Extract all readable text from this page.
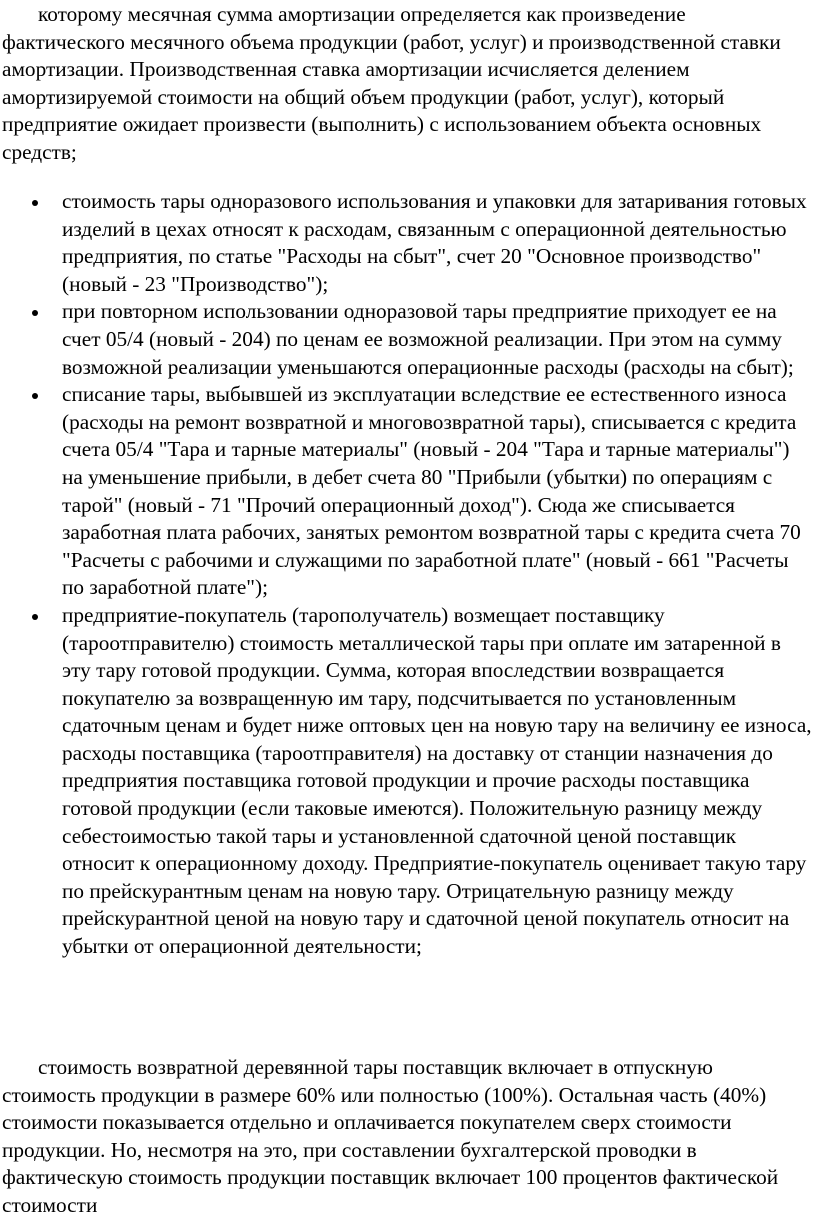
которому месячная сумма амортизации определяется как произведение фактического месячного объема продукции (работ, услуг) и производственной ставки амортизации. Производственная ставка амортизации исчисляется делением амортизируемой стоимости на общий объем продукции (работ, услуг), который предприятие ожидает произвести (выполнить) с использованием объекта основных средств;

стоимость тары одноразового использования и упаковки для затаривания готовых изделий в цехах относят к расходам, связанным с операционной деятельностью предприятия, по статье "Расходы на сбыт", счет 20 "Основное производство" (новый - 23 "Производство");
при повторном использовании одноразовой тары предприятие приходует ее на счет 05/4 (новый - 204) по ценам ее возможной реализации. При этом на сумму возможной реализации уменьшаются операционные расходы (расходы на сбыт);
списание тары, выбывшей из эксплуатации вследствие ее естественного износа (расходы на ремонт возвратной и многовозвратной тары), списывается с кредита счета 05/4 "Тара и тарные материалы" (новый - 204 "Тара и тарные материалы") на уменьшение прибыли, в дебет счета 80 "Прибыли (убытки) по операциям с тарой" (новый - 71 "Прочий операционный доход"). Сюда же списывается заработная плата рабочих, занятых ремонтом возвратной тары с кредита счета 70 "Расчеты с рабочими и служащими по заработной плате" (новый - 661 "Расчеты по заработной плате");
предприятие-покупатель (тарополучатель) возмещает поставщику (тароотправителю) стоимость металлической тары при оплате им затаренной в эту тару готовой продукции. Сумма, которая впоследствии возвращается покупателю за возвращенную им тару, подсчитывается по установленным сдаточным ценам и будет ниже оптовых цен на новую тару на величину ее износа, расходы поставщика (тароотправителя) на доставку от станции назначения до предприятия поставщика готовой продукции и прочие расходы поставщика готовой продукции (если таковые имеются). Положительную разницу между себестоимостью такой тары и установленной сдаточной ценой поставщик относит к операционному доходу. Предприятие-покупатель оценивает такую тару по прейскурантным ценам на новую тару. Отрицательную разницу между прейскурантной ценой на новую тару и сдаточной ценой покупатель относит на убытки от операционной деятельности;

стоимость возвратной деревянной тары поставщик включает в отпускную стоимость продукции в размере 60% или полностью (100%). Остальная часть (40%) стоимости показывается отдельно и оплачивается покупателем сверх стоимости продукции. Но, несмотря на это, при составлении бухгалтерской проводки в фактическую стоимость продукции поставщик включает 100 процентов фактической стоимости
